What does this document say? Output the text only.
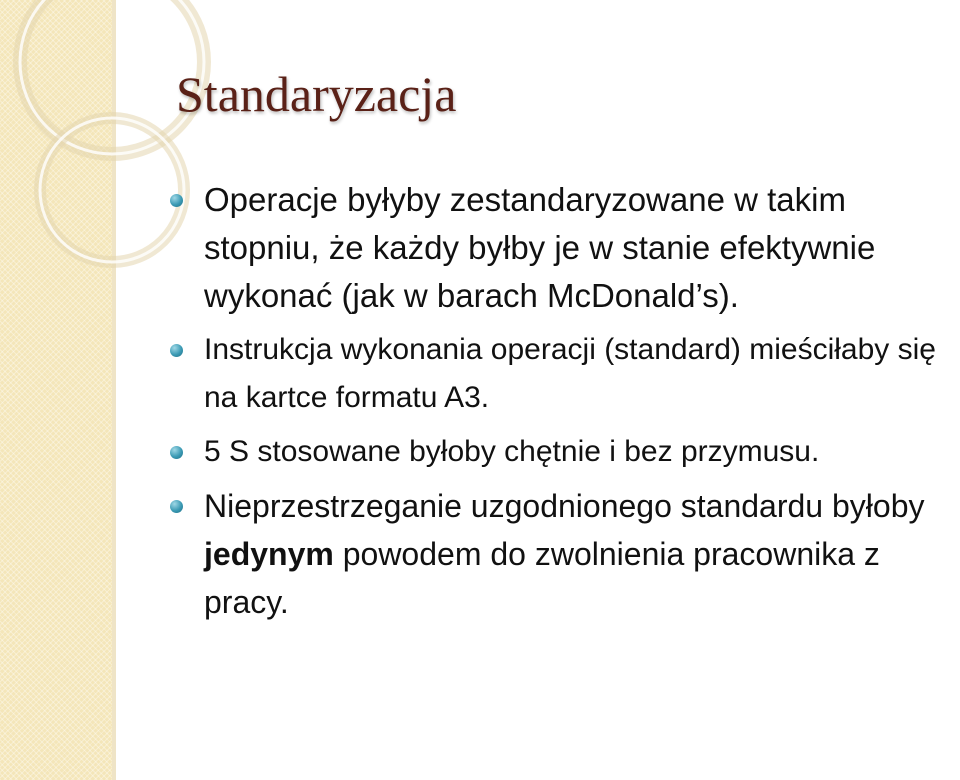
Standaryzacja
Operacje byłyby zestandaryzowane w takim stopniu, że każdy byłby je w stanie efektywnie wykonać (jak w barach McDonald’s).
Instrukcja wykonania operacji (standard) mieściłaby się na kartce formatu A3.
5 S stosowane byłoby chętnie i bez przymusu.
Nieprzestrzeganie uzgodnionego standardu byłoby jedynym powodem do zwolnienia pracownika z pracy.
